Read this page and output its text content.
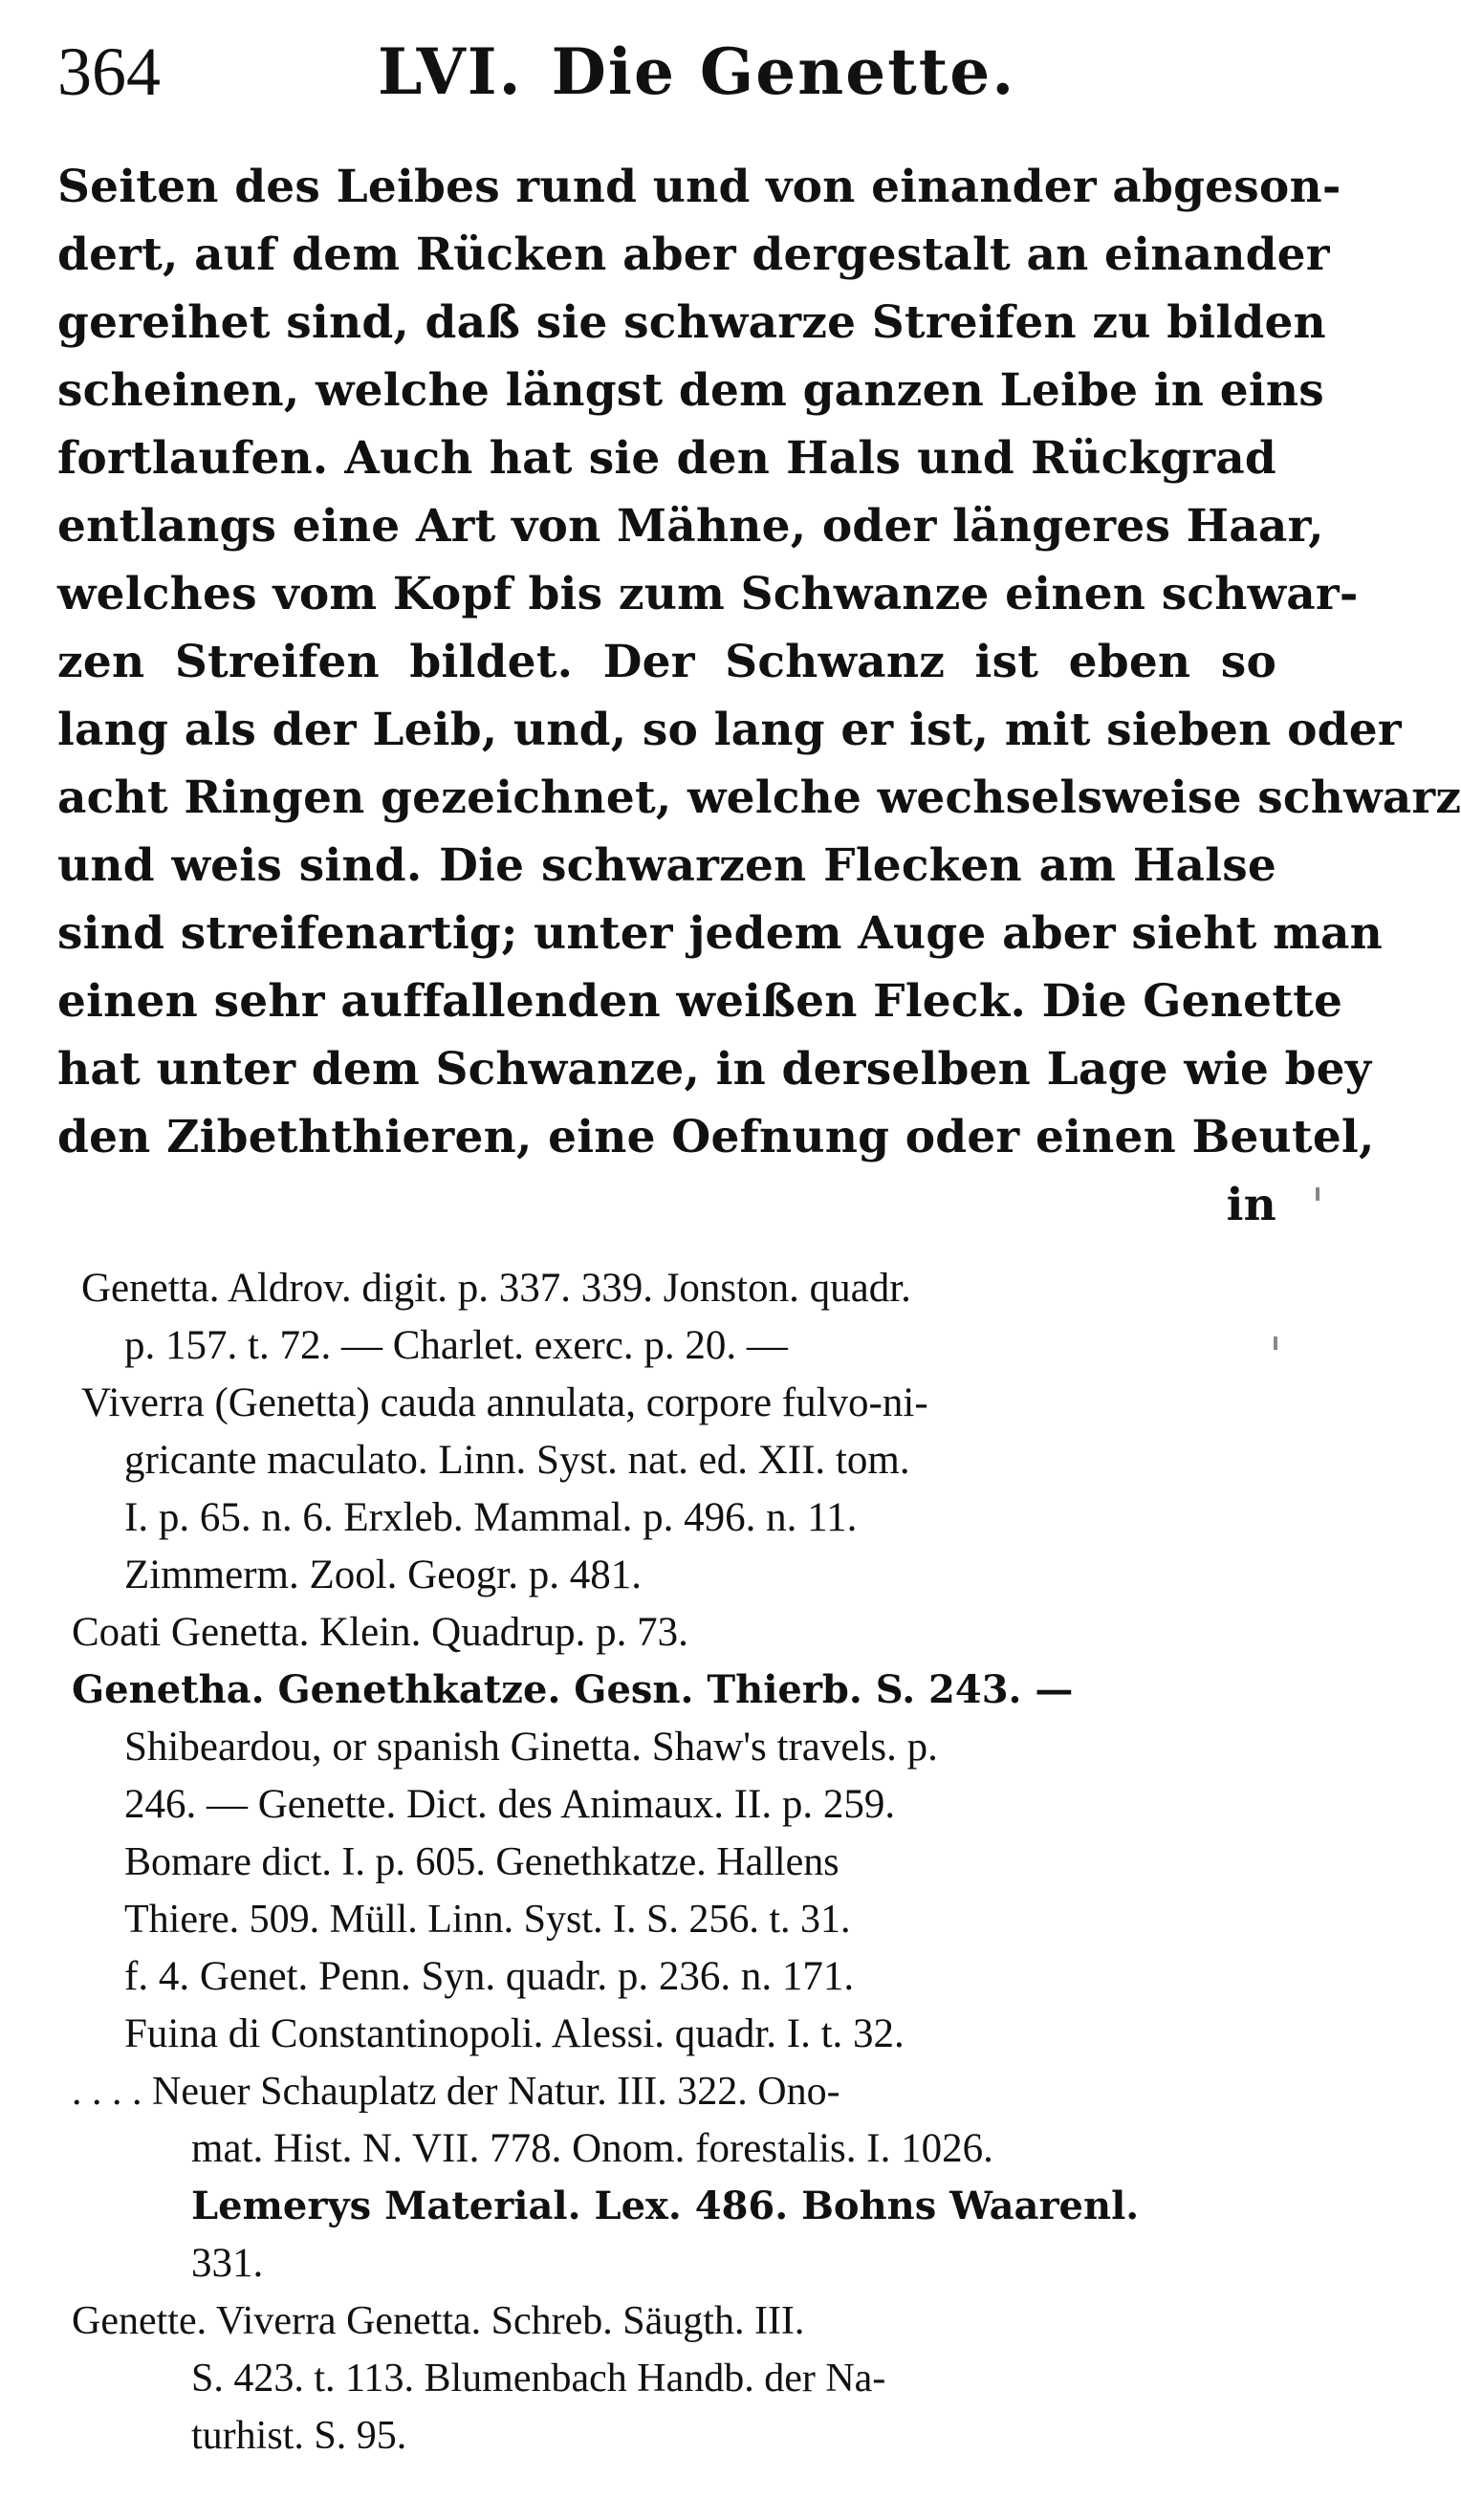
364	LVI. Die Genette.
Seiten des Leibes rund und von einander abgeson-
dert, auf dem Rücken aber dergestalt an einander
gereihet sind, daß sie schwarze Streifen zu bilden
scheinen, welche längst dem ganzen Leibe in eins
fortlaufen. Auch hat sie den Hals und Rückgrad
entlangs eine Art von Mähne, oder längeres Haar,
welches vom Kopf bis zum Schwanze einen schwar-
zen Streifen bildet. Der Schwanz ist eben so
lang als der Leib, und, so lang er ist, mit sieben oder
acht Ringen gezeichnet, welche wechselsweise schwarz
und weis sind. Die schwarzen Flecken am Halse
sind streifenartig; unter jedem Auge aber sieht man
einen sehr auffallenden weißen Fleck. Die Genette
hat unter dem Schwanze, in derselben Lage wie bey
den Zibeththieren, eine Oefnung oder einen Beutel,
in
Genetta. Aldrov. digit. p. 337. 339. Jonston. quadr.
p. 157. t. 72. — Charlet. exerc. p. 20. —
Viverra (Genetta) cauda annulata, corpore fulvo-ni-
gricante maculato. Linn. Syst. nat. ed. XII. tom.
I. p. 65. n. 6. Erxleb. Mammal. p. 496. n. 11.
Zimmerm. Zool. Geogr. p. 481.
Coati Genetta. Klein. Quadrup. p. 73.
Genetha. Genethkatze. Gesn. Thierb. S. 243. —
Shibeardou, or spanish Ginetta. Shaw's travels. p.
246. — Genette. Dict. des Animaux. II. p. 259.
Bomare dict. I. p. 605. Genethkatze. Hallens
Thiere. 509. Müll. Linn. Syst. I. S. 256. t. 31.
f. 4. Genet. Penn. Syn. quadr. p. 236. n. 171.
Fuina di Constantinopoli. Alessi. quadr. I. t. 32.
. . . . Neuer Schauplatz der Natur. III. 322. Ono-
mat. Hist. N. VII. 778. Onom. forestalis. I. 1026.
Lemerys Material. Lex. 486. Bohns Waarenl.
331.
Genette. Viverra Genetta. Schreb. Säugth. III.
S. 423. t. 113. Blumenbach Handb. der Na-
turhist. S. 95.
